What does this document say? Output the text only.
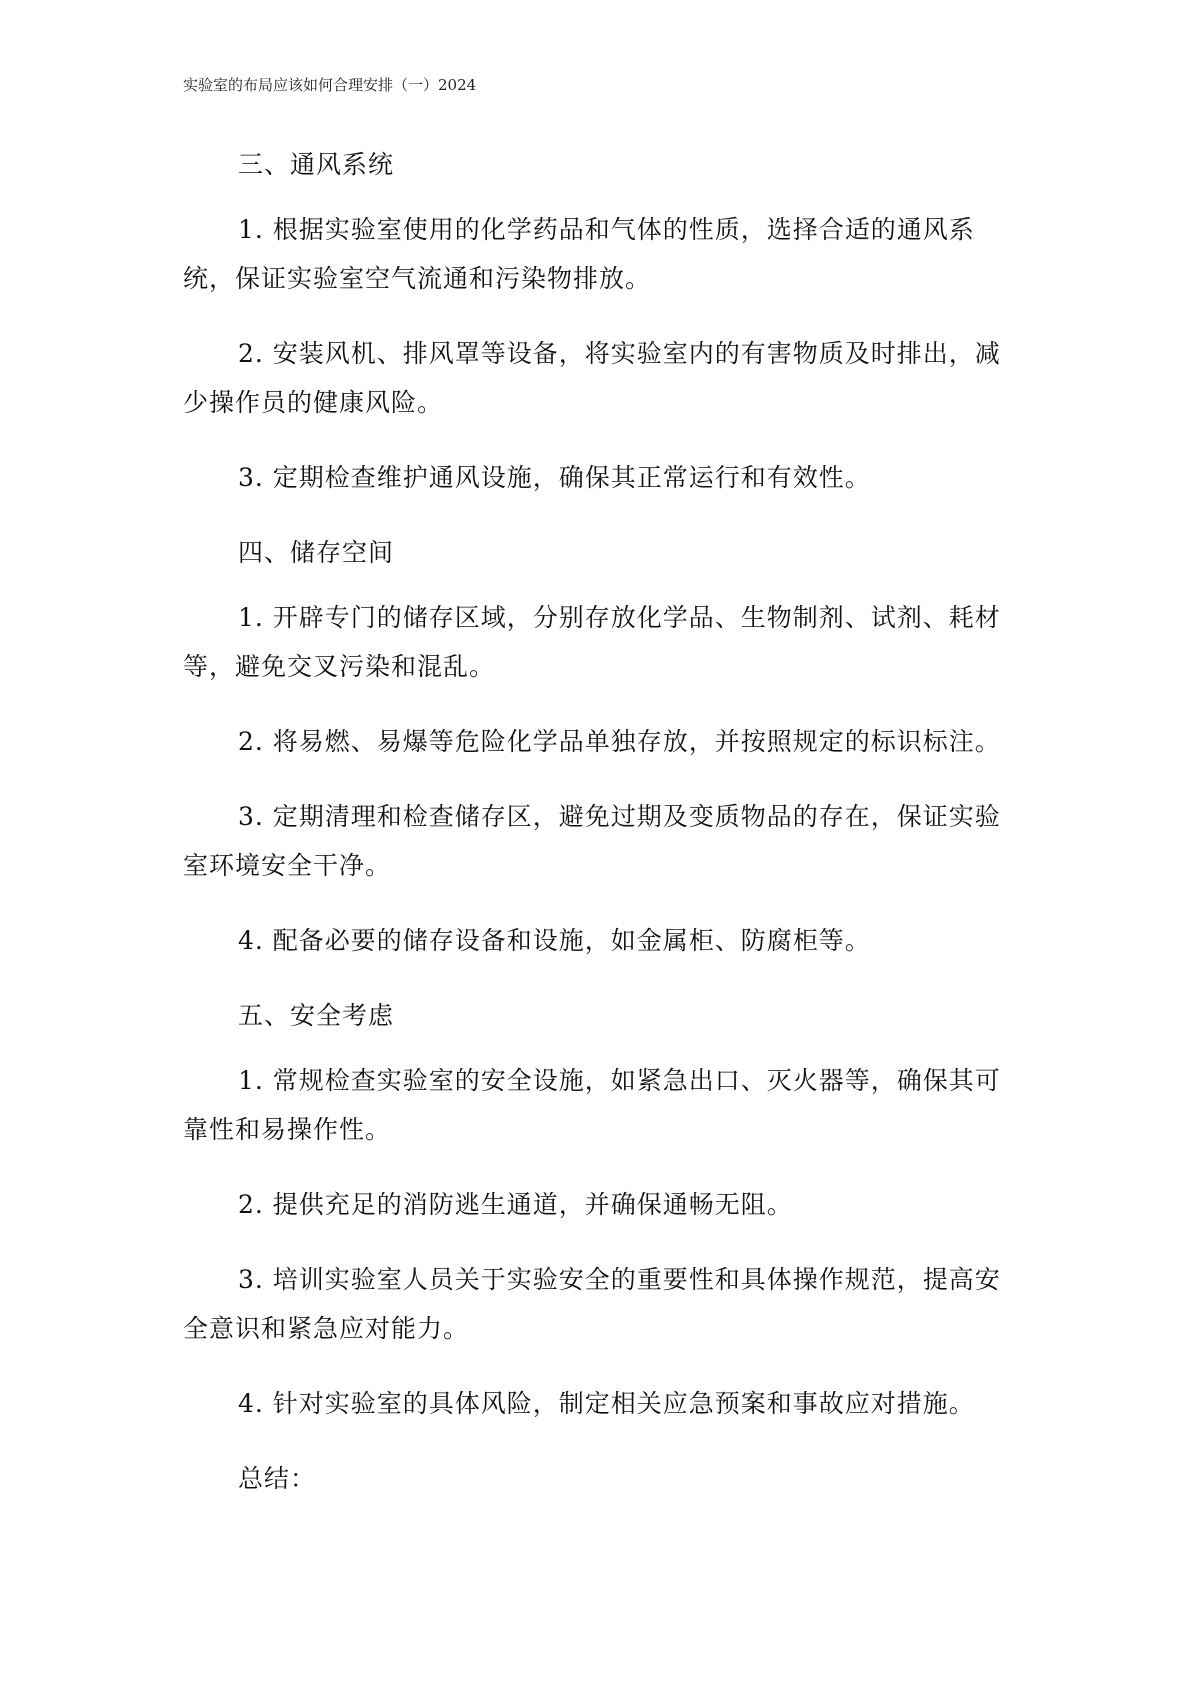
实验室的布局应该如何合理安排（一）2024

三、通风系统

1. 根据实验室使用的化学药品和气体的性质，选择合适的通风系统，保证实验室空气流通和污染物排放。

2. 安装风机、排风罩等设备，将实验室内的有害物质及时排出，减少操作员的健康风险。

3. 定期检查维护通风设施，确保其正常运行和有效性。

四、储存空间

1. 开辟专门的储存区域，分别存放化学品、生物制剂、试剂、耗材等，避免交叉污染和混乱。

2. 将易燃、易爆等危险化学品单独存放，并按照规定的标识标注。

3. 定期清理和检查储存区，避免过期及变质物品的存在，保证实验室环境安全干净。

4. 配备必要的储存设备和设施，如金属柜、防腐柜等。

五、安全考虑

1. 常规检查实验室的安全设施，如紧急出口、灭火器等，确保其可靠性和易操作性。

2. 提供充足的消防逃生通道，并确保通畅无阻。

3. 培训实验室人员关于实验安全的重要性和具体操作规范，提高安全意识和紧急应对能力。

4. 针对实验室的具体风险，制定相关应急预案和事故应对措施。

总结：
